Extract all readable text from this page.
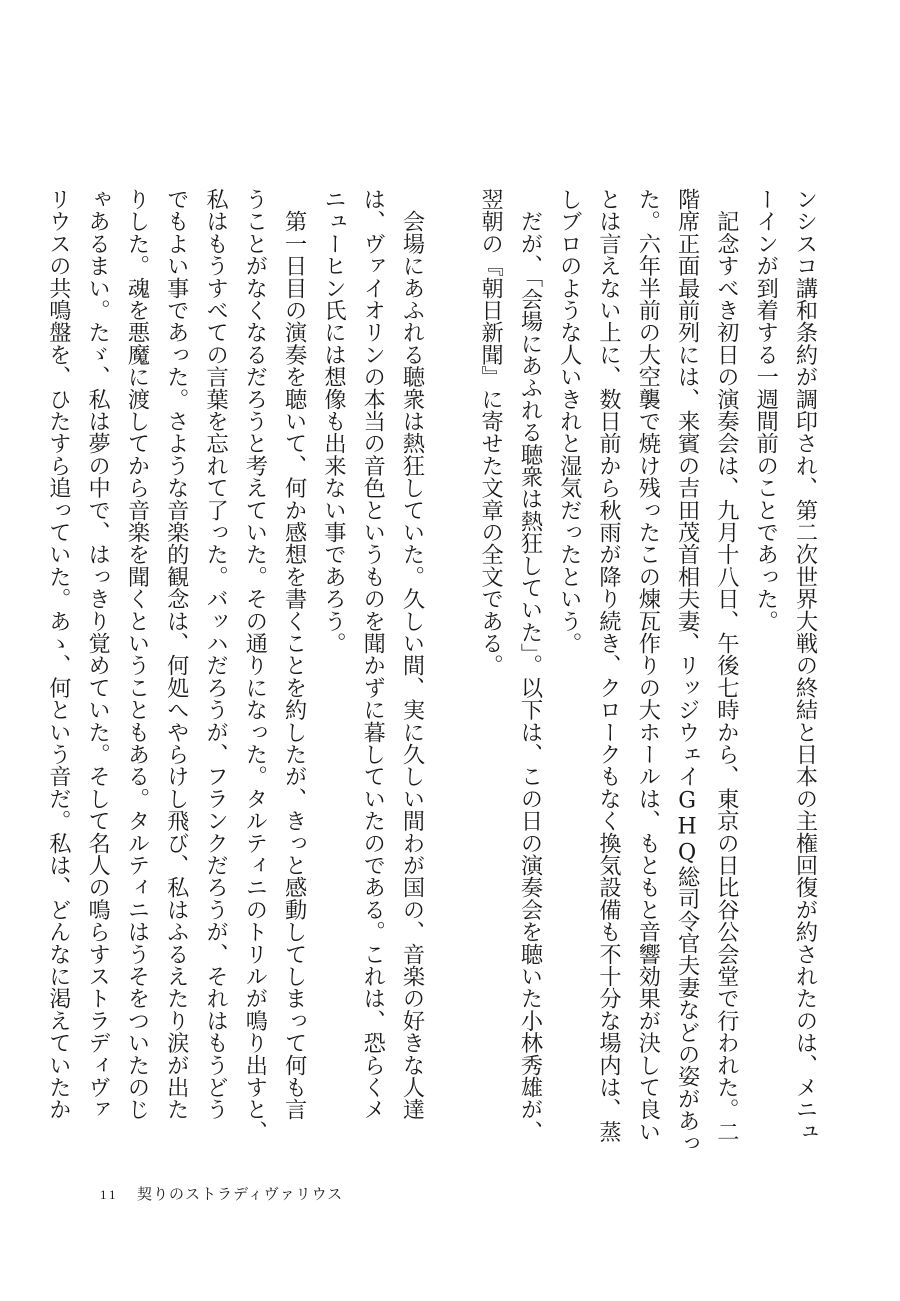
ンシスコ講和条約が調印され、第二次世界大戦の終結と日本の主権回復が約されたのは、メニュ
ーインが到着する一週間前のことであった。
　記念すべき初日の演奏会は、九月十八日、午後七時から、東京の日比谷公会堂で行われた。二
階席正面最前列には、来賓の吉田茂首相夫妻、リッジウェイGHQ総司令官夫妻などの姿があっ
た。六年半前の大空襲で焼け残ったこの煉瓦作りの大ホールは、もともと音響効果が決して良い
とは言えない上に、数日前から秋雨が降り続き、クロークもなく換気設備も不十分な場内は、蒸
しブロのような人いきれと湿気だったという。
　だが、「会場にあふれる聴衆は熱狂していた」。以下は、この日の演奏会を聴いた小林秀雄が、
翌朝の『朝日新聞』に寄せた文章の全文である。
　会場にあふれる聴衆は熱狂していた。久しい間、実に久しい間わが国の、音楽の好きな人達
は、ヴァイオリンの本当の音色というものを聞かずに暮していたのである。これは、恐らくメ
ニューヒン氏には想像も出来ない事であろう。
　第一日目の演奏を聴いて、何か感想を書くことを約したが、きっと感動してしまって何も言
うことがなくなるだろうと考えていた。その通りになった。タルティニのトリルが鳴り出すと、
私はもうすべての言葉を忘れて了った。バッハだろうが、フランクだろうが、それはもうどう
でもよい事であった。さような音楽的観念は、何処へやらけし飛び、私はふるえたり涙が出た
りした。魂を悪魔に渡してから音楽を聞くということもある。タルティニはうそをついたのじ
ゃあるまい。たゞ、私は夢の中で、はっきり覚めていた。そして名人の鳴らすストラディヴァ
リウスの共鳴盤を、ひたすら追っていた。あゝ、何という音だ。私は、どんなに渇えていたか
11 契りのストラディヴァリウス
